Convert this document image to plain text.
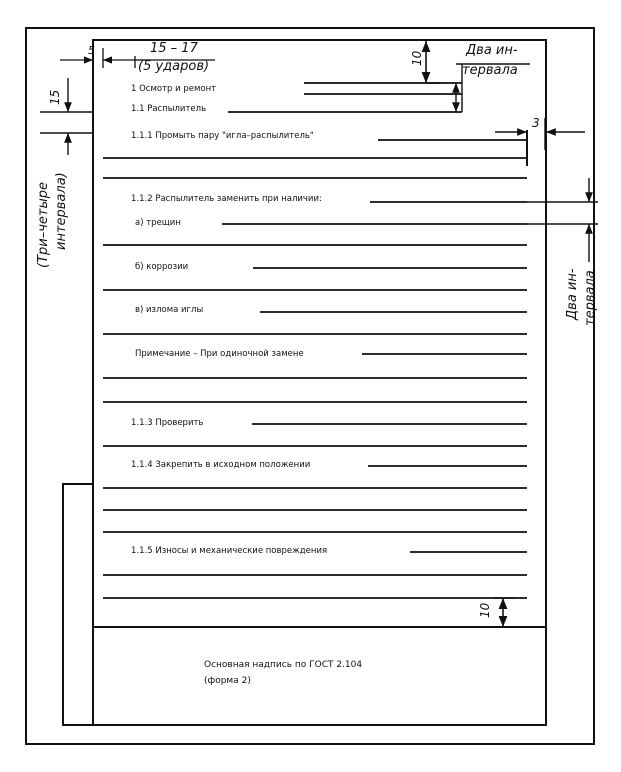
1 Осмотр и ремонт
1.1 Распылитель
1.1.1 Промыть пару "игла–распылитель"
1.1.2 Распылитель заменить при наличии:
а) трещин
б) коррозии
в) излома иглы
Примечание – При одиночной замене
1.1.3 Проверить
1.1.4 Закрепить в исходном положении
1.1.5 Износы и механические повреждения
Основная надпись по ГОСТ 2.104
(форма 2)
5	15 – 17
(5 ударов)
10
Два ин-
тервала
15
(Три–четыре интервала)
3
Два ин- тервала
10
